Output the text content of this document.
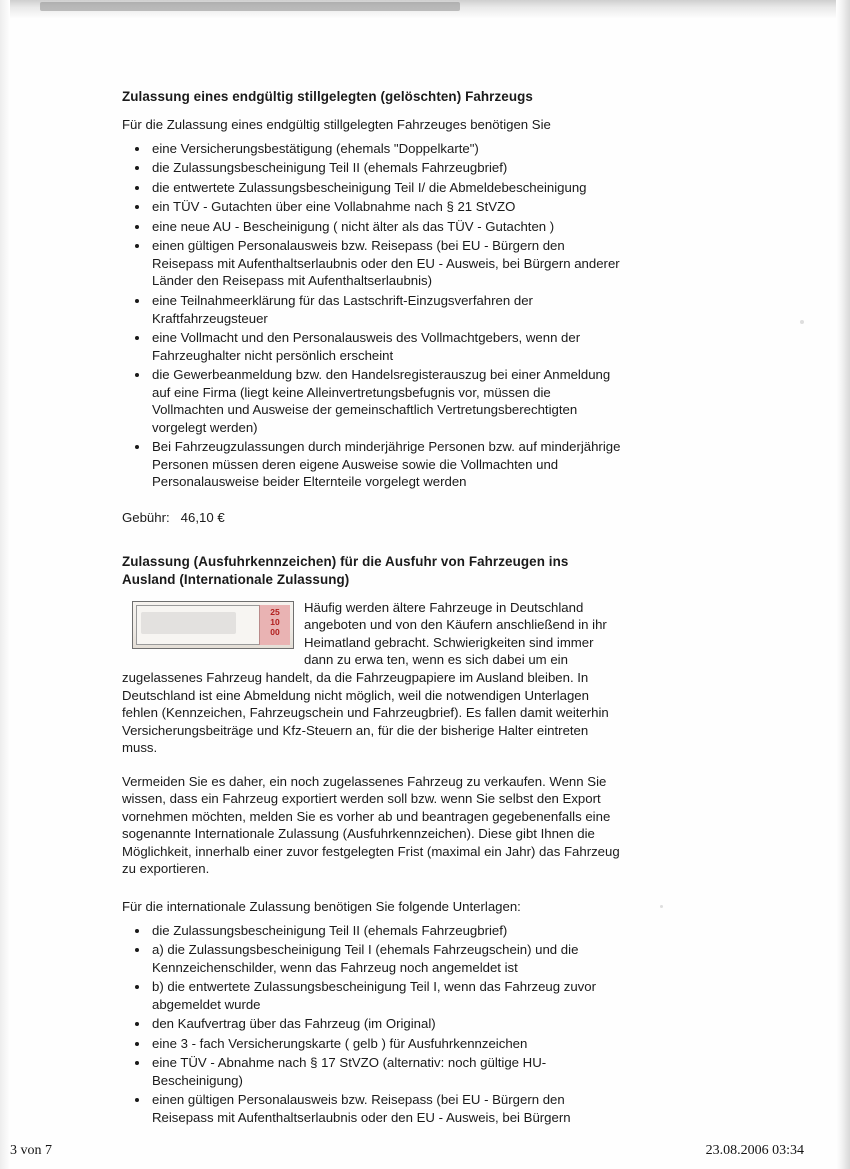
Zulassung eines endgültig stillgelegten (gelöschten) Fahrzeugs

Für die Zulassung eines endgültig stillgelegten Fahrzeuges benötigen Sie

• eine Versicherungsbestätigung (ehemals "Doppelkarte")
• die Zulassungsbescheinigung Teil II (ehemals Fahrzeugbrief)
• die entwertete Zulassungsbescheinigung Teil I/ die Abmeldebescheinigung
• ein TÜV - Gutachten über eine Vollabnahme nach § 21 StVZO
• eine neue AU - Bescheinigung ( nicht älter als das TÜV - Gutachten )
• einen gültigen Personalausweis bzw. Reisepass (bei EU - Bürgern den Reisepass mit Aufenthaltserlaubnis oder den EU - Ausweis, bei Bürgern anderer Länder den Reisepass mit Aufenthaltserlaubnis)
• eine Teilnahmeerklärung für das Lastschrift-Einzugsverfahren der Kraftfahrzeugsteuer
• eine Vollmacht und den Personalausweis des Vollmachtgebers, wenn der Fahrzeughalter nicht persönlich erscheint
• die Gewerbeanmeldung bzw. den Handelsregisterauszug bei einer Anmeldung auf eine Firma (liegt keine Alleinvertretungsbefugnis vor, müssen die Vollmachten und Ausweise der gemeinschaftlich Vertretungsberechtigten vorgelegt werden)
• Bei Fahrzeugzulassungen durch minderjährige Personen bzw. auf minderjährige Personen müssen deren eigene Ausweise sowie die Vollmachten und Personalausweise beider Elternteile vorgelegt werden

Gebühr: 46,10 €

Zulassung (Ausfuhrkennzeichen) für die Ausfuhr von Fahrzeugen ins Ausland (Internationale Zulassung)
25
10
00

Häufig werden ältere Fahrzeuge in Deutschland angeboten und von den Käufern anschließend in ihr Heimatland gebracht. Schwierigkeiten sind immer dann zu erwa ten, wenn es sich dabei um ein zugelassenes Fahrzeug handelt, da die Fahrzeugpapiere im Ausland bleiben. In Deutschland ist eine Abmeldung nicht möglich, weil die notwendigen Unterlagen fehlen (Kennzeichen, Fahrzeugschein und Fahrzeugbrief). Es fallen damit weiterhin Versicherungsbeiträge und Kfz-Steuern an, für die der bisherige Halter eintreten muss.

Vermeiden Sie es daher, ein noch zugelassenes Fahrzeug zu verkaufen. Wenn Sie wissen, dass ein Fahrzeug exportiert werden soll bzw. wenn Sie selbst den Export vornehmen möchten, melden Sie es vorher ab und beantragen gegebenenfalls eine sogenannte Internationale Zulassung (Ausfuhrkennzeichen). Diese gibt Ihnen die Möglichkeit, innerhalb einer zuvor festgelegten Frist (maximal ein Jahr) das Fahrzeug zu exportieren.

Für die internationale Zulassung benötigen Sie folgende Unterlagen:

• die Zulassungsbescheinigung Teil II (ehemals Fahrzeugbrief)
• a) die Zulassungsbescheinigung Teil I (ehemals Fahrzeugschein) und die Kennzeichenschilder, wenn das Fahrzeug noch angemeldet ist
• b) die entwertete Zulassungsbescheinigung Teil I, wenn das Fahrzeug zuvor abgemeldet wurde
• den Kaufvertrag über das Fahrzeug (im Original)
• eine 3 - fach Versicherungskarte ( gelb ) für Ausfuhrkennzeichen
• eine TÜV - Abnahme nach § 17 StVZO (alternativ: noch gültige HU-Bescheinigung)
• einen gültigen Personalausweis bzw. Reisepass (bei EU - Bürgern den Reisepass mit Aufenthaltserlaubnis oder den EU - Ausweis, bei Bürgern
3 von 7	23.08.2006 03:34
